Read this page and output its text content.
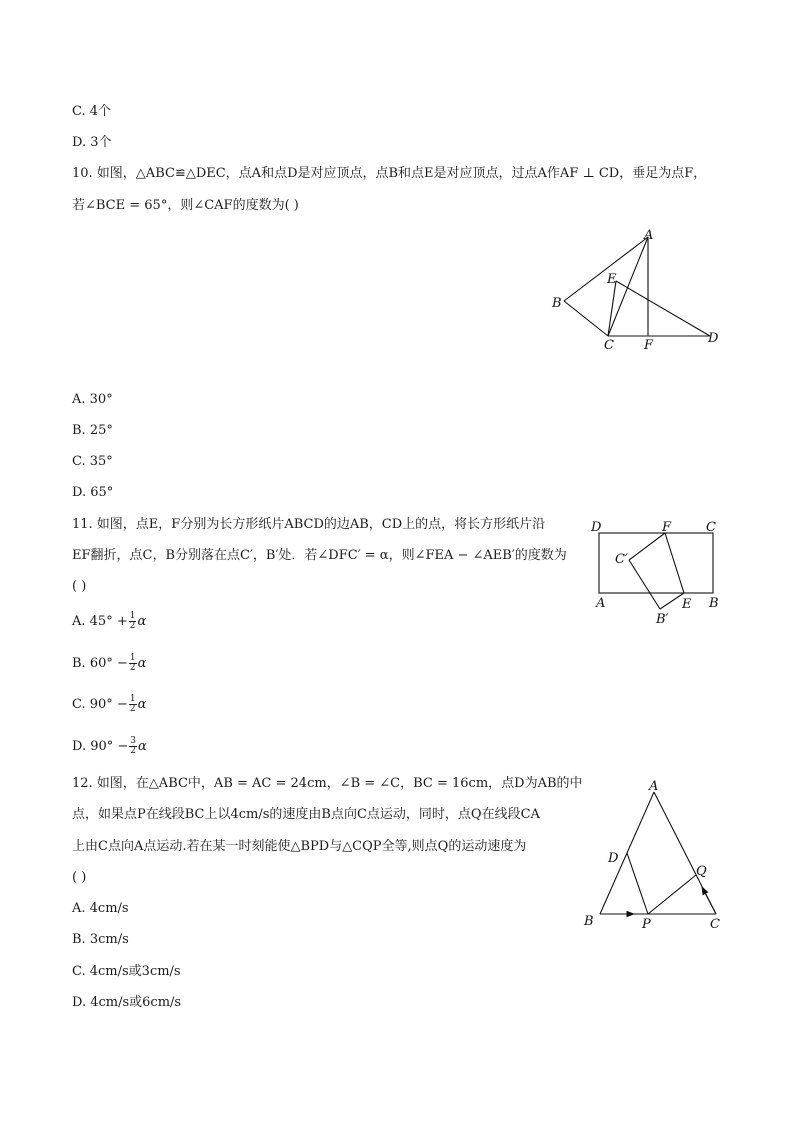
C. 4个
D. 3个
10. 如图，△ABC≌△DEC，点A和点D是对应顶点，点B和点E是对应顶点，过点A作AF ⊥ CD，垂足为点F，
若∠BCE = 65°，则∠CAF的度数为( )
A
B
C	D
E
F
A. 30°
B. 25°
C. 35°
D. 65°
11. 如图，点E，F分别为长方形纸片ABCD的边AB，CD上的点，将长方形纸片沿
EF翻折，点C，B分别落在点C′，B′处．若∠DFC′ = α，则∠FEA − ∠AEB′的度数为
( )
D	F	C
C′
A	E B
B′
A. $45^\circ + \frac{1}{2}$ α
B. $60^\circ - \frac{1}{2}$ α
C. $90^\circ - \frac{1}{2}$ α
D. $90^\circ - \frac{3}{2}$ α
12. 如图，在△ABC中，AB = AC = 24cm，∠B = ∠C，BC = 16cm，点D为AB的中
点，如果点P在线段BC上以4cm/s的速度由B点向C点运动，同时，点Q在线段CA
上由C点向A点运动.若在某一时刻能使△BPD与△CQP全等,则点Q的运动速度为
( )
A
D
Q
B	P	C
A. 4cm/s
B. 3cm/s
C. 4cm/s或3cm/s
D. 4cm/s或6cm/s
